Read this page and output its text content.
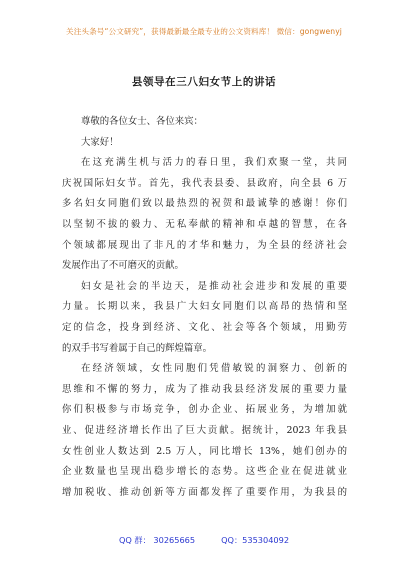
关注头条号“公文研究”，获得最新最全最专业的公文资料库！ 微信：gongwenyj
县领导在三八妇女节上的讲话

尊敬的各位女士、各位来宾：

大家好！

在这充满生机与活力的春日里，我们欢聚一堂，共同
庆祝国际妇女节。首先，我代表县委、县政府，向全县 6 万
多名妇女同胞们致以最热烈的祝贺和最诚挚的感谢！你们
以坚韧不拔的毅力、无私奉献的精神和卓越的智慧，在各
个领域都展现出了非凡的才华和魅力，为全县的经济社会
发展作出了不可磨灭的贡献。

妇女是社会的半边天，是推动社会进步和发展的重要
力量。长期以来，我县广大妇女同胞们以高昂的热情和坚
定的信念，投身到经济、文化、社会等各个领域，用勤劳
的双手书写着属于自己的辉煌篇章。

在经济领域，女性同胞们凭借敏锐的洞察力、创新的
思维和不懈的努力，成为了推动我县经济发展的重要力量
你们积极参与市场竞争，创办企业、拓展业务，为增加就
业、促进经济增长作出了巨大贡献。据统计，2023 年我县
女性创业人数达到 2.5 万人，同比增长 13%，她们创办的
企业数量也呈现出稳步增长的态势。这些企业在促进就业
增加税收、推动创新等方面都发挥了重要作用，为我县的

QQ 群： 30265665	QQ：535304092
